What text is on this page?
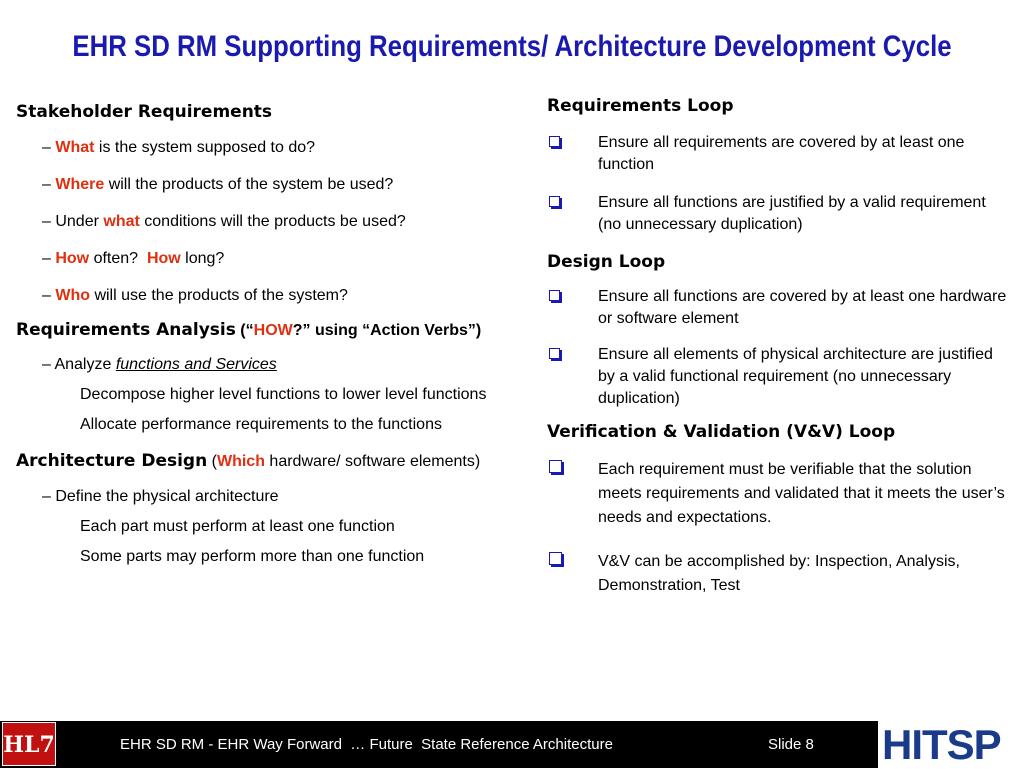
EHR SD RM Supporting Requirements/ Architecture Development Cycle
Stakeholder Requirements
– What is the system supposed to do?
– Where will the products of the system be used?
– Under what conditions will the products be used?
– How often?  How long?
– Who will use the products of the system?
Requirements Analysis (“HOW?” using “Action Verbs”)
– Analyze functions and Services
Decompose higher level functions to lower level functions
Allocate performance requirements to the functions
Architecture Design (Which hardware/ software elements)
– Define the physical architecture
Each part must perform at least one function
Some parts may perform more than one function
Requirements Loop
Ensure all requirements are covered by at least one function
Ensure all functions are justified by a valid requirement (no unnecessary duplication)
Design Loop
Ensure all functions are covered by at least one hardware or software element
Ensure all elements of physical architecture are justified by a valid functional requirement (no unnecessary duplication)
Verification & Validation (V&V) Loop
Each requirement must be verifiable that the solution meets requirements and validated that it meets the user’s needs and expectations.
V&V can be accomplished by: Inspection, Analysis, Demonstration, Test
HL7	EHR SD RM - EHR Way Forward  … Future  State Reference Architecture	Slide 8 HITSP
